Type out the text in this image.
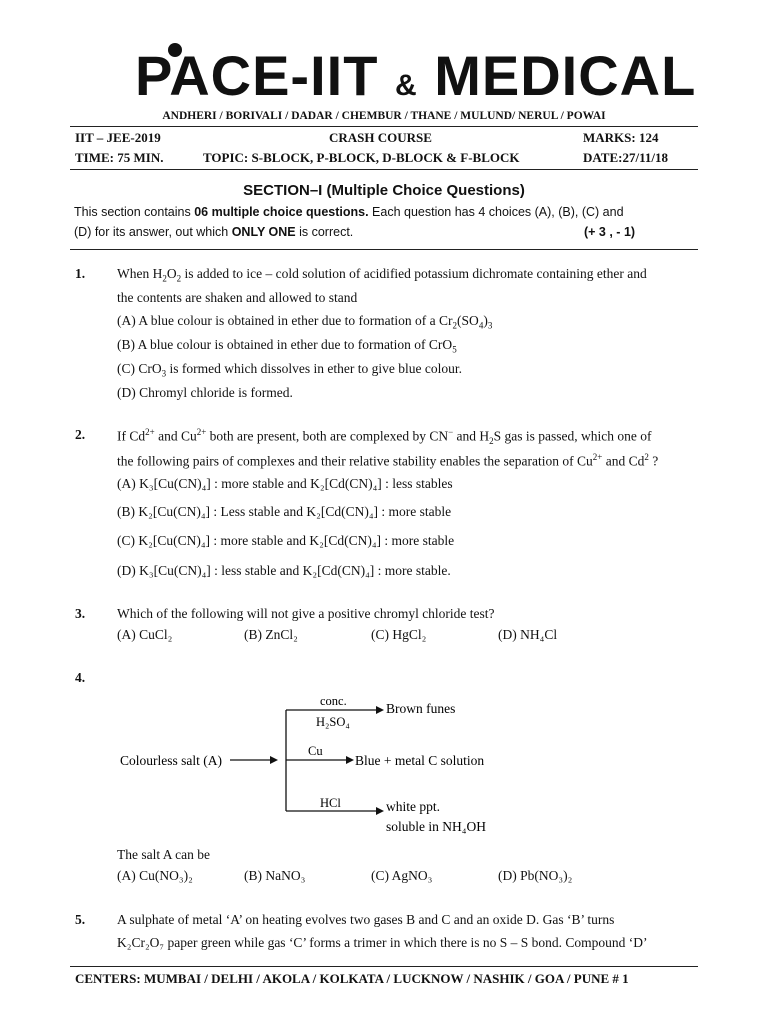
PACE-IIT & MEDICAL
ANDHERI / BORIVALI / DADAR / CHEMBUR / THANE / MULUND/ NERUL / POWAI
IIT – JEE-2019	CRASH COURSE	MARKS: 124
TIME: 75 MIN.	TOPIC: S-BLOCK, P-BLOCK, D-BLOCK & F-BLOCK	DATE:27/11/18
SECTION–I (Multiple Choice Questions)
This section contains 06 multiple choice questions. Each question has 4 choices (A), (B), (C) and
(D) for its answer, out which ONLY ONE is correct.	(+ 3 , - 1)
1. When $H_2O_2$ is added to ice – cold solution of acidified potassium dichromate containing ether and
the contents are shaken and allowed to stand
(A) A blue colour is obtained in ether due to formation of a $Cr_2(SO_4)_3$
(B) A blue colour is obtained in ether due to formation of CrO$_5$
(C) CrO$_3$ is formed which dissolves in ether to give blue colour.
(D) Chromyl chloride is formed.
2. If $Cd^{2+}$ and $Cu^{2+}$ both are present, both are complexed by CN− and $H_2S$ gas is passed, which one of
the following pairs of complexes and their relative stability enables the separation of $Cu^{2+}$ and Cd$^2$ ?
(A) K₃[Cu(CN)₄] : more stable and K₂[Cd(CN)₄] : less stables
(B) K₂[Cu(CN)₄] : Less stable and K₂[Cd(CN)₄] : more stable
(C) K₂[Cu(CN)₄] : more stable and K₂[Cd(CN)₄] : more stable
(D) K₃[Cu(CN)₄] : less stable and K₂[Cd(CN)₄] : more stable.
3. Which of the following will not give a positive chromyl chloride test?
(A) CuCl₂	(B) ZnCl₂	(C) HgCl₂	(D) NH₄Cl
4.
Colourless salt (A)
conc.
H₂SO₄
Brown funes
Cu
Blue + metal C solution
HCl	white ppt.
soluble in NH₄OH
The salt A can be
(A) Cu(NO₃)₂	(B) NaNO₃	(C) AgNO₃	(D) Pb(NO₃)₂
5. A sulphate of metal ‘A’ on heating evolves two gases B and C and an oxide D. Gas ‘B’ turns
K₂Cr₂O₇ paper green while gas ‘C’ forms a trimer in which there is no S – S bond. Compound ‘D’
CENTERS: MUMBAI / DELHI / AKOLA / KOLKATA / LUCKNOW / NASHIK / GOA / PUNE # 1
